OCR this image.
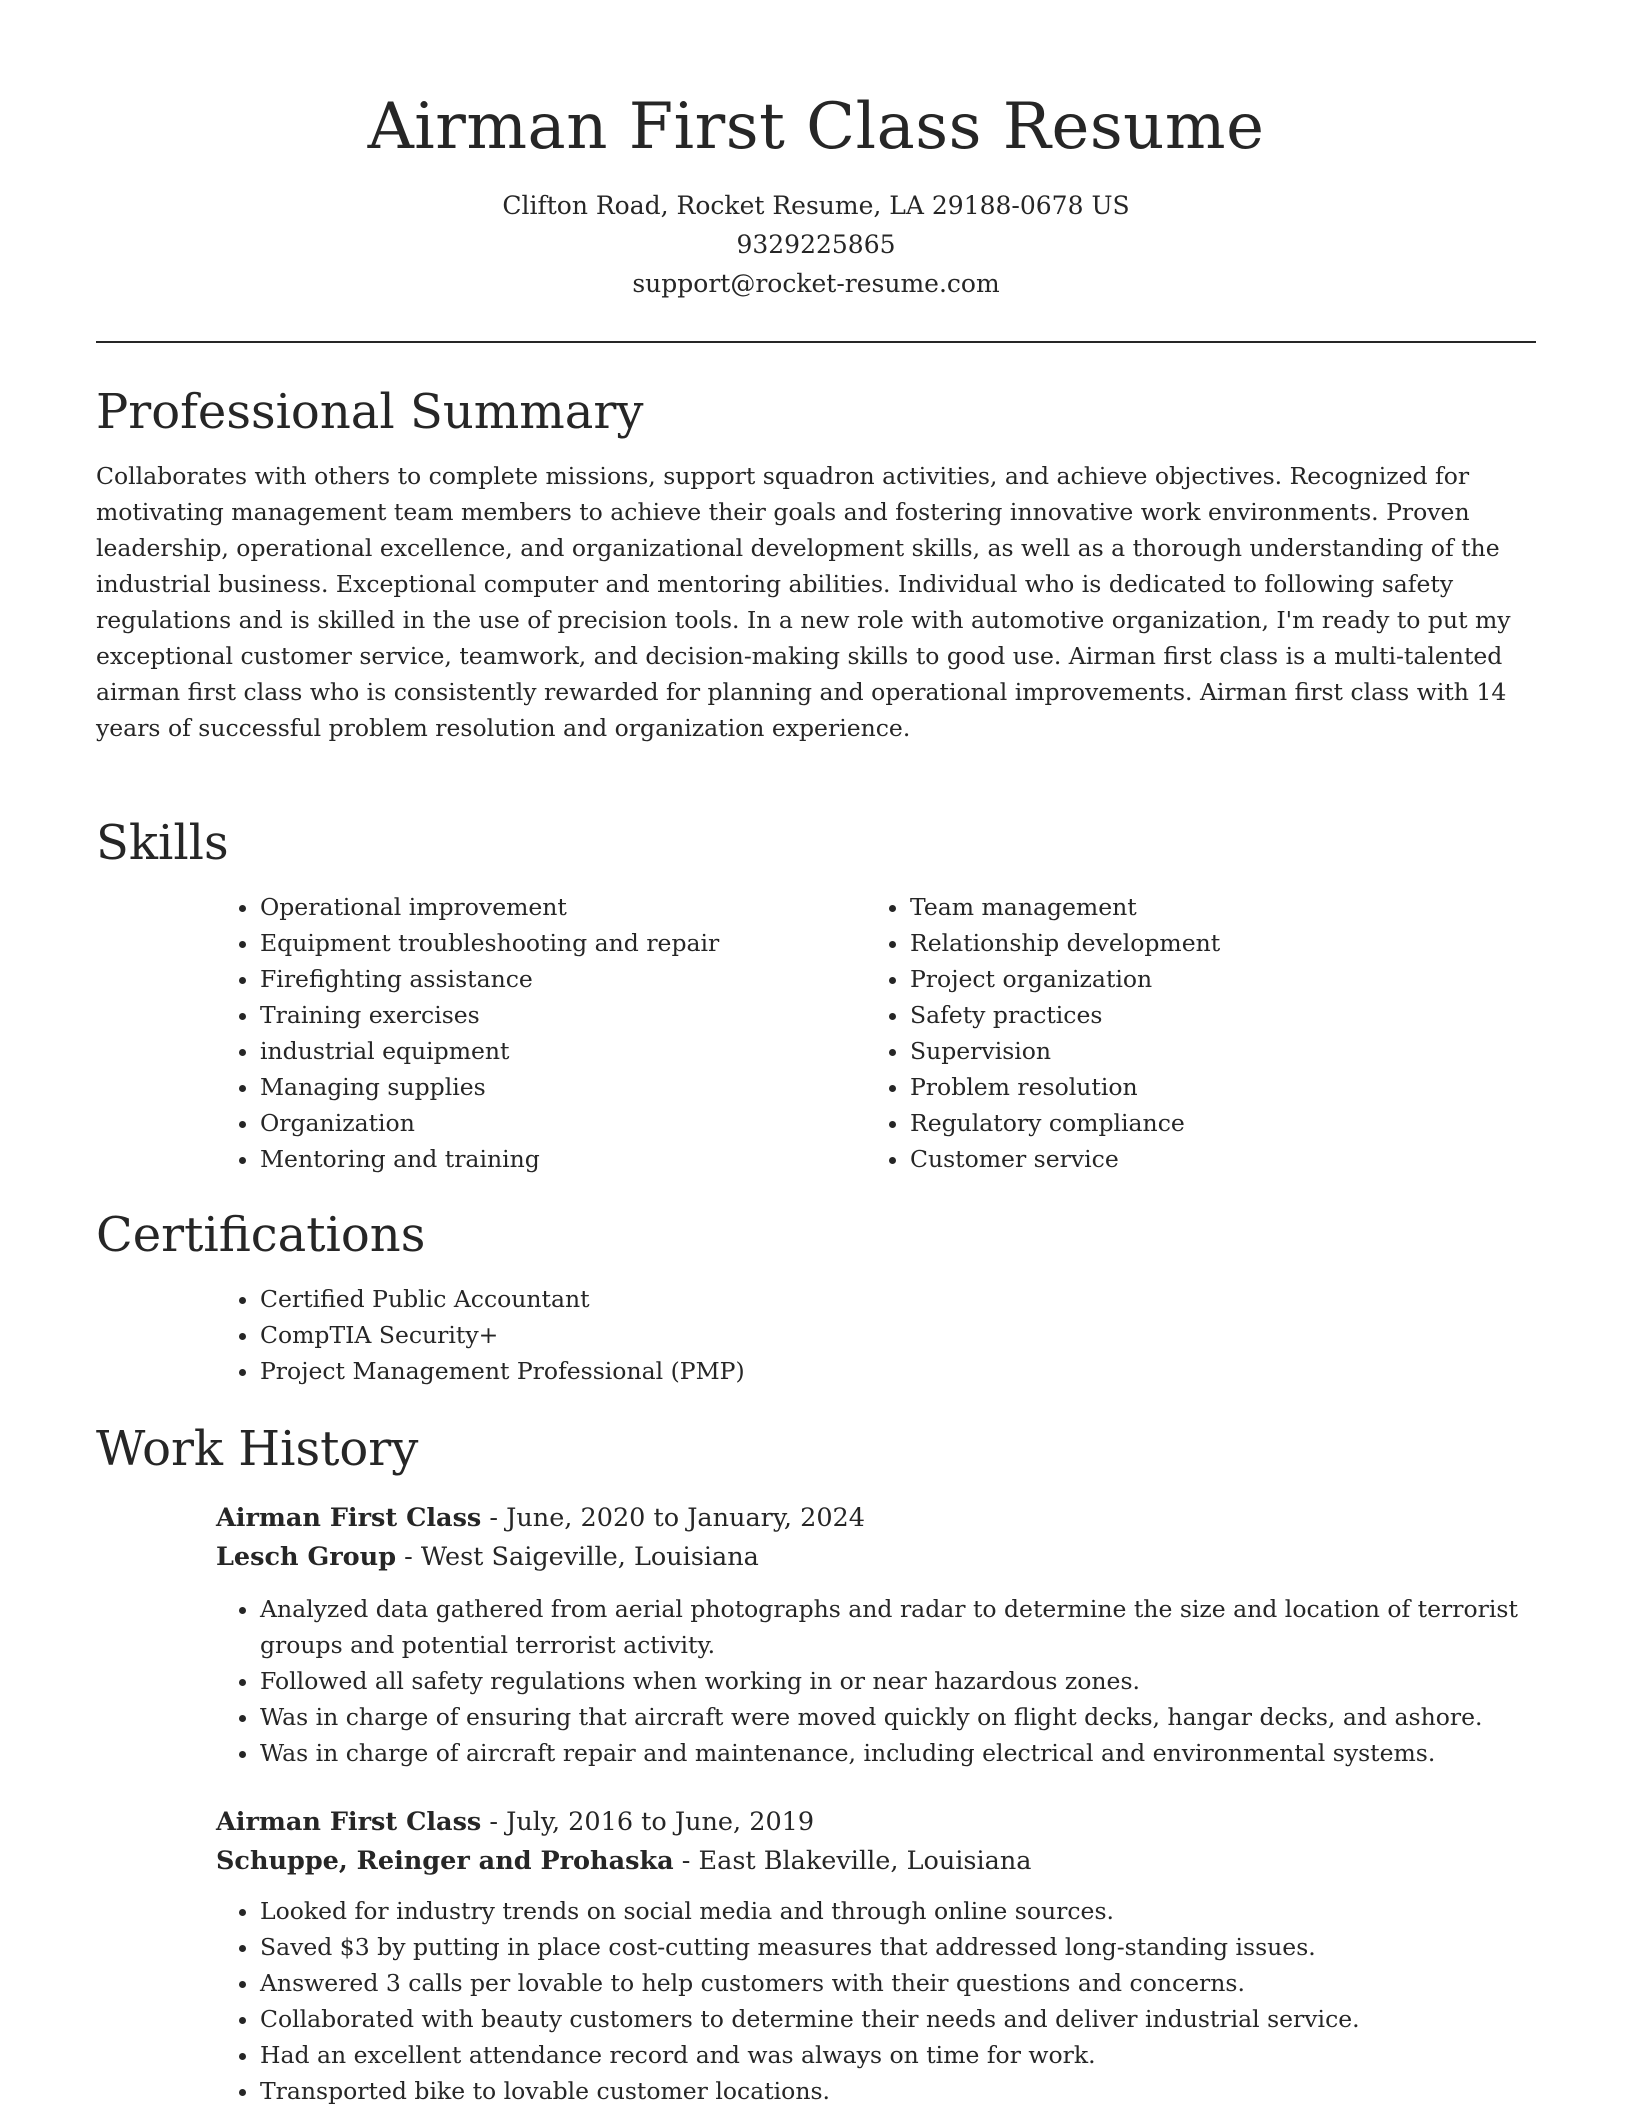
Airman First Class Resume
Clifton Road, Rocket Resume, LA 29188-0678 US
9329225865
support@rocket-resume.com
Professional Summary

Collaborates with others to complete missions, support squadron activities, and achieve objectives. Recognized for motivating management team members to achieve their goals and fostering innovative work environments. Proven leadership, operational excellence, and organizational development skills, as well as a thorough understanding of the industrial business. Exceptional computer and mentoring abilities. Individual who is dedicated to following safety regulations and is skilled in the use of precision tools. In a new role with automotive organization, I'm ready to put my exceptional customer service, teamwork, and decision-making skills to good use. Airman first class is a multi-talented airman first class who is consistently rewarded for planning and operational improvements. Airman first class with 14 years of successful problem resolution and organization experience.

Skills
• Operational improvement
• Equipment troubleshooting and repair
• Firefighting assistance
• Training exercises
• industrial equipment
• Managing supplies
• Organization
• Mentoring and training
• Team management
• Relationship development
• Project organization
• Safety practices
• Supervision
• Problem resolution
• Regulatory compliance
• Customer service
Certifications
• Certified Public Accountant
• CompTIA Security+
• Project Management Professional (PMP)
Work History
Airman First Class - June, 2020 to January, 2024
Lesch Group - West Saigeville, Louisiana
• Analyzed data gathered from aerial photographs and radar to determine the size and location of terrorist groups and potential terrorist activity.
• Followed all safety regulations when working in or near hazardous zones.
• Was in charge of ensuring that aircraft were moved quickly on flight decks, hangar decks, and ashore.
• Was in charge of aircraft repair and maintenance, including electrical and environmental systems.
Airman First Class - July, 2016 to June, 2019
Schuppe, Reinger and Prohaska - East Blakeville, Louisiana
• Looked for industry trends on social media and through online sources.
• Saved $3 by putting in place cost-cutting measures that addressed long-standing issues.
• Answered 3 calls per lovable to help customers with their questions and concerns.
• Collaborated with beauty customers to determine their needs and deliver industrial service.
• Had an excellent attendance record and was always on time for work.
• Transported bike to lovable customer locations.
